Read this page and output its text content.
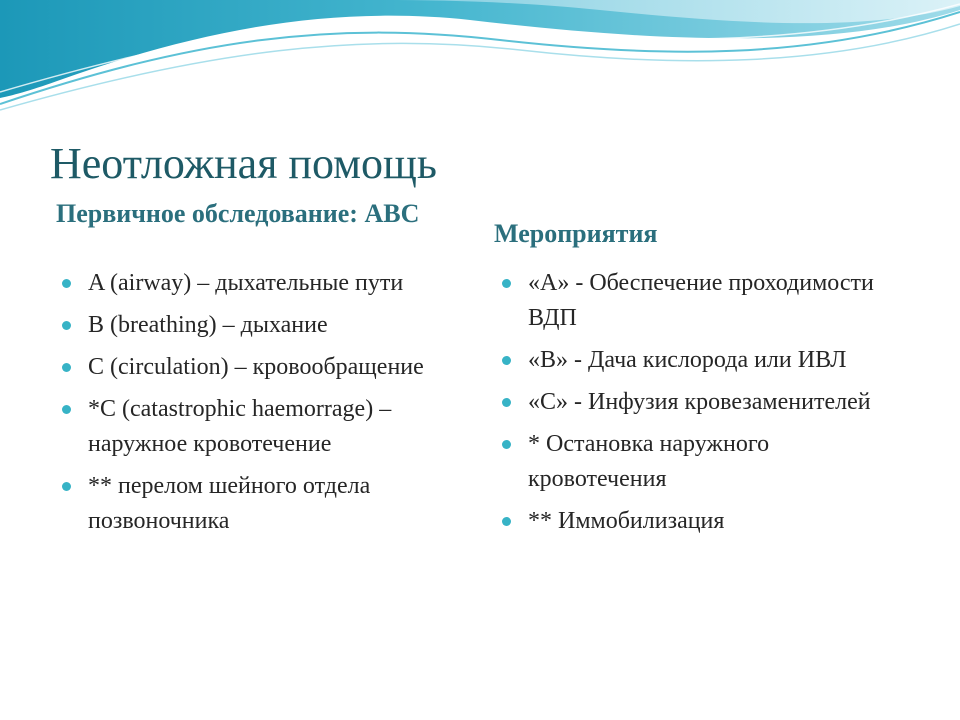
Неотложная помощь
Первичное обследование: ABC
A (airway) – дыхательные пути
B (breathing) – дыхание
C (circulation) – кровообращение
*C (catastrophic haemorrage) – наружное кровотечение
** перелом шейного отдела позвоночника
Мероприятия
«А» - Обеспечение проходимости ВДП
«В» - Дача кислорода или ИВЛ
«С» - Инфузия кровезаменителей
* Остановка наружного кровотечения
** Иммобилизация
